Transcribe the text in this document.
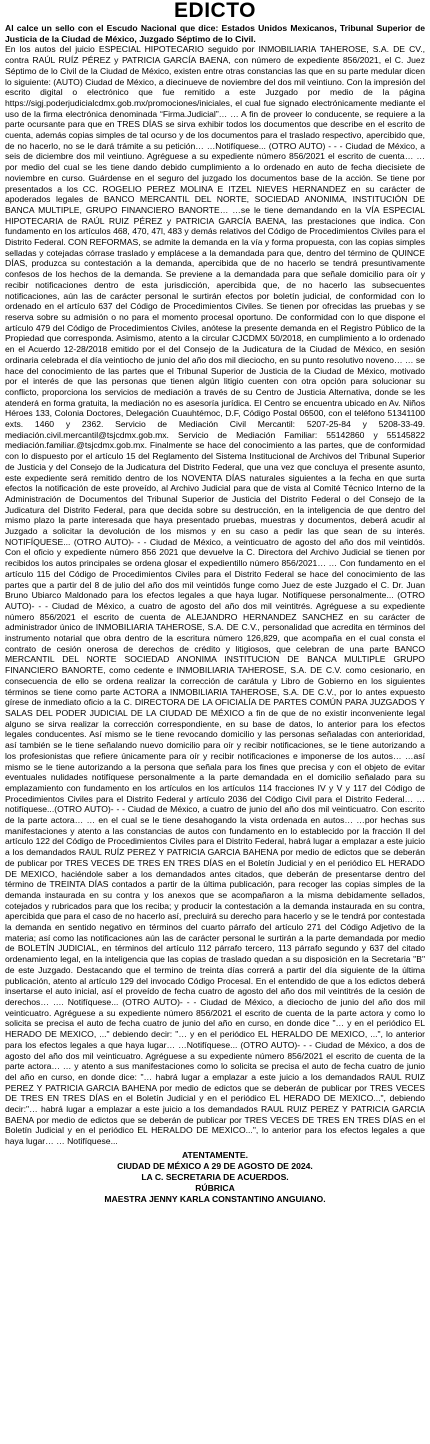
EDICTO

Al calce un sello con el Escudo Nacional que dice: Estados Unidos Mexicanos, Tribunal Superior de Justicia de la Ciudad de México, Juzgado Séptimo de lo Civil.

En los autos del juicio ESPECIAL HIPOTECARIO seguido por INMOBILIARIA TAHEROSE, S.A. DE CV., contra RAÚL RUÍZ PÉREZ y PATRICIA GARCÍA BAENA, con número de expediente 856/2021, el C. Juez Séptimo de lo Civil de la Ciudad de México, existen entre otras constancias las que en su parte medular dicen lo siguiente: (AUTO) Ciudad de México, a diecinueve de noviembre del dos mil veintiuno. Con la impresión del escrito digital o electrónico que fue remitido a este Juzgado por medio de la página https://sigj.poderjudicialcdmx.gob.mx/promociones/iniciales, el cual fue signado electrónicamente mediante el uso de la firma electrónica denominada “Firma.Judicial”… … A fin de proveer lo conducente, se requiere a la parte ocursante para que en TRES DÍAS se sirva exhibir todos los documentos que describe en el escrito de cuenta, además copias simples de tal ocurso y de los documentos para el traslado respectivo, apercibido que, de no hacerlo, no se le dará trámite a su petición… …Notifíquese... (OTRO AUTO) - - - Ciudad de México, a seis de diciembre dos mil veintiuno. Agréguese a su expediente número 856/2021 el escrito de cuenta… … por medio del cual se les tiene dando debido cumplimiento a lo ordenado en auto de fecha diecisiete de noviembre en curso. Guárdense en el seguro del juzgado los documentos base de la acción. Se tiene por presentados a los CC. ROGELIO PEREZ MOLINA E ITZEL NIEVES HERNANDEZ en su carácter de apoderados legales de BANCO MERCANTIL DEL NORTE, SOCIEDAD ANONIMA, INSTITUCIÓN DE BANCA MULTIPLE, GRUPO FINANCIERO BANORTE… …se le tiene demandando en la VÍA ESPECIAL HIPOTECARIA de RAÚL RUIZ PÉREZ y PATRICIA GARCÍA BAENA, las prestaciones que indica. Con fundamento en los artículos 468, 470, 47l, 483 y demás relativos del Código de Procedimientos Civiles para el Distrito Federal. CON REFORMAS, se admite la demanda en la vía y forma propuesta, con las copias simples selladas y cotejadas córrase traslado y emplácese a la demandada para que, dentro del término de QUINCE DÍAS, produzca su contestación a la demanda, apercibida que de no hacerlo se tendrá presuntivamente confesos de los hechos de la demanda. Se previene a la demandada para que señale domicilio para oír y recibir notificaciones dentro de esta jurisdicción, apercibida que, de no hacerlo las subsecuentes notificaciones, aún las de carácter personal le surtirán efectos por boletín judicial, de conformidad con lo ordenado en el artículo 637 del Código de Procedimientos Civiles. Se tienen por ofrecidas las pruebas y se reserva sobre su admisión o no para el momento procesal oportuno. De conformidad con lo que dispone el artículo 479 del Código de Procedimientos Civiles, anótese la presente demanda en el Registro Público de la Propiedad que corresponda. Asimismo, atento a la circular CJCDMX 50/2018, en cumplimiento a lo ordenado en el Acuerdo 12-28/2018 emitido por el del Consejo de la Judicatura de la Ciudad de México, en sesión ordinaria celebrada el día veintiocho de junio del año dos mil dieciocho, en su punto resolutivo noveno… … se hace del conocimiento de las partes que el Tribunal Superior de Justicia de la Ciudad de México, motivado por el interés de que las personas que tienen algún litigio cuenten con otra opción para solucionar su conflicto, proporciona los servicios de mediación a través de su Centro de Justicia Alternativa, donde se les atenderá en forma gratuita, la mediación no es asesoría jurídica. El Centro se encuentra ubicado en Av. Niños Héroes 133, Colonia Doctores, Delegación Cuauhtémoc, D.F, Código Postal 06500, con el teléfono 51341100 exts. 1460 y 2362. Servicio de Mediación Civil Mercantil: 5207-25-84 y 5208-33-49. mediación.civil.mercantil@tsjcdmx.gob.mx. Servicio de Mediación Familiar: 55142860 y 55145822 mediación.familiar.@tsjcdmx.gob.mx. Finalmente se hace del conocimiento a las partes, que de conformidad con lo dispuesto por el artículo 15 del Reglamento del Sistema Institucional de Archivos del Tribunal Superior de Justicia y del Consejo de la Judicatura del Distrito Federal, que una vez que concluya el presente asunto, este expediente será remitido dentro de los NOVENTA DÍAS naturales siguientes a la fecha en que surta efectos la notificación de este proveído, al Archivo Judicial para que de vista al Comité Técnico Interno de la Administración de Documentos del Tribunal Superior de Justicia del Distrito Federal o del Consejo de la Judicatura del Distrito Federal, para que decida sobre su destrucción, en la inteligencia de que dentro del mismo plazo la parte interesada que haya presentado pruebas, muestras y documentos, deberá acudir al Juzgado a solicitar la devolución de los mismos y en su caso a pedir las que sean de su interés. NOTIFÍQUESE... (OTRO AUTO)- - - Ciudad de México, a veinticuatro de agosto del año dos mil veintidós. Con el oficio y expediente número 856 2021 que devuelve la C. Directora del Archivo Judicial se tienen por recibidos los autos principales se ordena glosar el expedientillo número 856/2021… … Con fundamento en el artículo 115 del Código de Procedimientos Civiles para el Distrito Federal se hace del conocimiento de las partes que a partir del 8 de julio del año dos mil veintidós funge como Juez de este Juzgado el C. Dr. Juan Bruno Ubiarco Maldonado para los efectos legales a que haya lugar. Notifíquese personalmente... (OTRO AUTO)- - - Ciudad de México, a cuatro de agosto del año dos mil veintitrés. Agréguese a su expediente número 856/2021 el escrito de cuenta de ALEJANDRO HERNANDEZ SANCHEZ en su carácter de administrador único de INMOBILIARIA TAHEROSE, S.A. DE C.V., personalidad que acredita en términos del instrumento notarial que obra dentro de la escritura número 126,829, que acompaña en el cual consta el contrato de cesión onerosa de derechos de crédito y litigiosos, que celebran de una parte BANCO MERCANTIL DEL NORTE SOCIEDAD ANONIMA INSTITUCION DE BANCA MULTIPLE GRUPO FINANCIERO BANORTE, como cedente e INMOBILIARIA TAHEROSE, S.A. DE C.V. como cesionario, en consecuencia de ello se ordena realizar la corrección de carátula y Libro de Gobierno en los siguientes términos se tiene como parte ACTORA a INMOBILIARIA TAHEROSE, S.A. DE C.V., por lo antes expuesto gírese de inmediato oficio a la C. DIRECTORA DE LA OFICIALÍA DE PARTES COMÚN PARA JUZGADOS Y SALAS DEL PODER JUDICIAL DE LA CIUDAD DE MÉXICO a fin de que de no existir inconveniente legal alguno se sirva realizar la corrección correspondiente, en su base de datos, lo anterior para los efectos legales conducentes. Así mismo se le tiene revocando domicilio y las personas señaladas con anterioridad, así también se le tiene señalando nuevo domicilio para oír y recibir notificaciones, se le tiene autorizando a los profesionistas que refiere únicamente para oír y recibir notificaciones e imponerse de los autos… …así mismo se le tiene autorizando a la persona que señala para los fines que precisa y con el objeto de evitar eventuales nulidades notifíquese personalmente a la parte demandada en el domicilio señalado para su emplazamiento con fundamento en los artículos en los artículos 114 fracciones IV y V y 117 del Código de Procedimientos Civiles para el Distrito Federal y artículo 2036 del Código Civil para el Distrito Federal… … notifíquese...(OTRO AUTO)- - - Ciudad de México, a cuatro de junio del año dos mil veinticuatro. Con escrito de la parte actora… … en el cual se le tiene desahogando la vista ordenada en autos… …por hechas sus manifestaciones y atento a las constancias de autos con fundamento en lo establecido por la fracción II del artículo 122 del Código de Procedimientos Civiles para el Distrito Federal, habrá lugar a emplazar a este juicio a los demandados RAUL RUÍZ PEREZ Y PATRICIA GARCIA BAHENA por medio de edictos que se deberán de publicar por TRES VECES DE TRES EN TRES DÍAS en el Boletín Judicial y en el periódico EL HERADO DE MEXICO, haciéndole saber a los demandados antes citados, que deberán de presentarse dentro del término de TREINTA DÍAS contados a partir de la última publicación, para recoger las copias simples de la demanda instaurada en su contra y los anexos que se acompañaron a la misma debidamente sellados, cotejados y rubricados para que los reciba; y producir la contestación a la demanda instaurada en su contra, apercibida que para el caso de no hacerlo así, precluirá su derecho para hacerlo y se le tendrá por contestada la demanda en sentido negativo en términos del cuarto párrafo del artículo 271 del Código Adjetivo de la materia; así como las notificaciones aún las de carácter personal le surtirán a la parte demandada por medio de BOLETÍN JUDICIAL, en términos del artículo 112 párrafo tercero, 113 párrafo segundo y 637 del citado ordenamiento legal, en la inteligencia que las copias de traslado quedan a su disposición en la Secretaria "B" de este Juzgado. Destacando que el termino de treinta días correrá a partir del día siguiente de la última publicación, atento al artículo 129 del invocado Código Procesal. En el entendido de que a los edictos deberá insertarse el auto inicial, así el proveído de fecha cuatro de agosto del año dos mil veintitrés de la cesión de derechos… …. Notifíquese... (OTRO AUTO)- - - Ciudad de México, a dieciocho de junio del año dos mil veinticuatro. Agréguese a su expediente número 856/2021 el escrito de cuenta de la parte actora y como lo solicita se precisa el auto de fecha cuatro de junio del año en curso, en donde dice "… y en el periódico EL HERADO DE MEXICO, ..." debiendo decir: "… y en el periódico EL HERALDO DE MEXICO, ...", lo anterior para los efectos legales a que haya lugar… …Notifíquese... (OTRO AUTO)- - - Ciudad de México, a dos de agosto del año dos mil veinticuatro. Agréguese a su expediente número 856/2021 el escrito de cuenta de la parte actora… … y atento a sus manifestaciones como lo solicita se precisa el auto de fecha cuatro de junio del año en curso, en donde dice: "… habrá lugar a emplazar a este juicio a los demandados RAUL RUIZ PEREZ Y PATRICIA GARCIA BAHENA por medio de edictos que se deberán de publicar por TRES VECES DE TRES EN TRES DÍAS en el Boletín Judicial y en el periódico EL HERADO DE MEXICO...", debiendo decir:"… habrá lugar a emplazar a este juicio a los demandados RAUL RUIZ PEREZ Y PATRICIA GARCIA BAENA por medio de edictos que se deberán de publicar por TRES VECES DE TRES EN TRES DÍAS en el Boletín Judicial y en el periódico EL HERALDO DE MEXICO...", lo anterior para los efectos legales a que haya lugar… … Notifíquese...

ATENTAMENTE.
CIUDAD DE MÉXICO A 29 DE AGOSTO DE 2024.
LA C. SECRETARIA DE ACUERDOS.
RÚBRICA
MAESTRA JENNY KARLA CONSTANTINO ANGUIANO.
